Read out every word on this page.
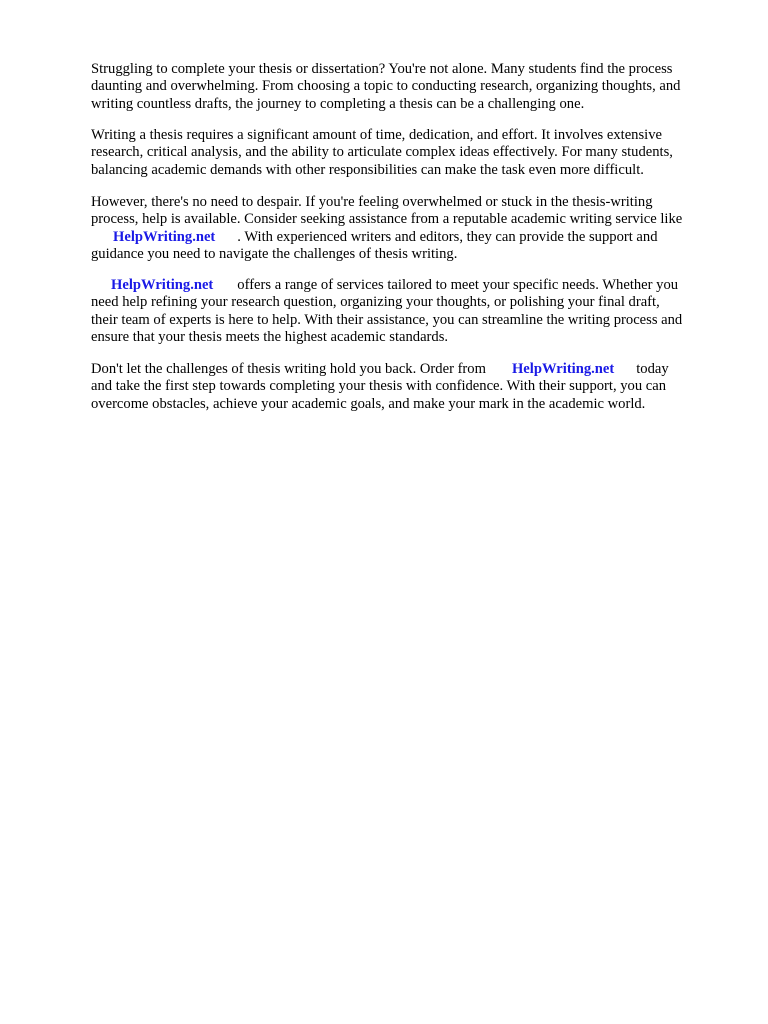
Struggling to complete your thesis or dissertation? You're not alone. Many students find the process
daunting and overwhelming. From choosing a topic to conducting research, organizing thoughts, and
writing countless drafts, the journey to completing a thesis can be a challenging one.

Writing a thesis requires a significant amount of time, dedication, and effort. It involves extensive
research, critical analysis, and the ability to articulate complex ideas effectively. For many students,
balancing academic demands with other responsibilities can make the task even more difficult.

However, there's no need to despair. If you're feeling overwhelmed or stuck in the thesis-writing
process, help is available. Consider seeking assistance from a reputable academic writing service like
HelpWriting.net . With experienced writers and editors, they can provide the support and
guidance you need to navigate the challenges of thesis writing.

HelpWriting.net offers a range of services tailored to meet your specific needs. Whether you
need help refining your research question, organizing your thoughts, or polishing your final draft,
their team of experts is here to help. With their assistance, you can streamline the writing process and
ensure that your thesis meets the highest academic standards.

Don't let the challenges of thesis writing hold you back. Order from HelpWriting.net today
and take the first step towards completing your thesis with confidence. With their support, you can
overcome obstacles, achieve your academic goals, and make your mark in the academic world.
